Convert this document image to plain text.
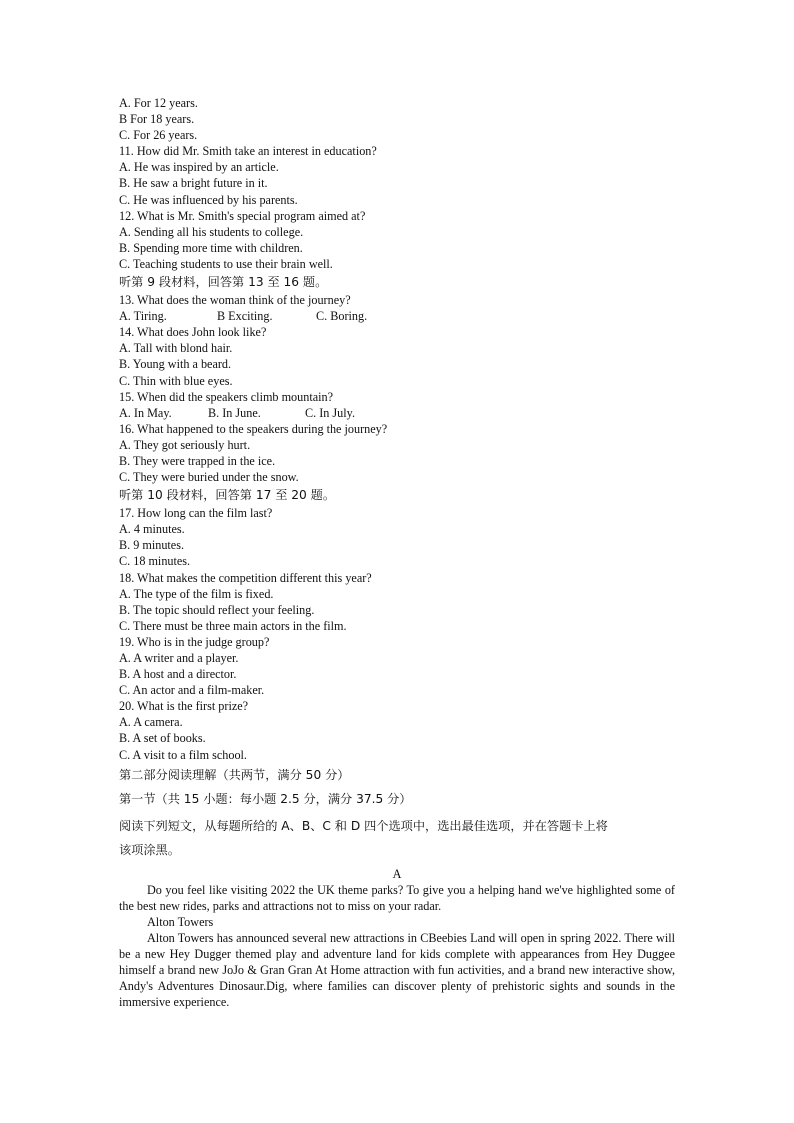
A. For 12 years.
B For 18 years.
C. For 26 years.
11. How did Mr. Smith take an interest in education?
A. He was inspired by an article.
B. He saw a bright future in it.
C. He was influenced by his parents.
12. What is Mr. Smith's special program aimed at?
A. Sending all his students to college.
B. Spending more time with children.
C. Teaching students to use their brain well.
听第 9 段材料，回答第 13 至 16 题。
13. What does the woman think of the journey?
A. Tiring.	B Exciting.	C. Boring.
14. What does John look like?
A. Tall with blond hair.
B. Young with a beard.
C. Thin with blue eyes.
15. When did the speakers climb mountain?
A. In May.	B. In June.	C. In July.
16. What happened to the speakers during the journey?
A. They got seriously hurt.
B. They were trapped in the ice.
C. They were buried under the snow.
听第 10 段材料，回答第 17 至 20 题。
17. How long can the film last?
A. 4 minutes.
B. 9 minutes.
C. 18 minutes.
18. What makes the competition different this year?
A. The type of the film is fixed.
B. The topic should reflect your feeling.
C. There must be three main actors in the film.
19. Who is in the judge group?
A. A writer and a player.
B. A host and a director.
C. An actor and a film-maker.
20. What is the first prize?
A. A camera.
B. A set of books.
C. A visit to a film school.
第二部分阅读理解（共两节，满分 50 分）
第一节（共 15 小题：每小题 2.5 分，满分 37.5 分）
阅读下列短文，从每题所给的 A、B、C 和 D 四个选项中，选出最佳选项，并在答题卡上将
该项涂黑。
A

Do you feel like visiting 2022 the UK theme parks? To give you a helping hand we've highlighted some of the best new rides, parks and attractions not to miss on your radar.

Alton Towers

Alton Towers has announced several new attractions in CBeebies Land will open in spring 2022. There will be a new Hey Dugger themed play and adventure land for kids complete with appearances from Hey Duggee himself a brand new JoJo & Gran Gran At Home attraction with fun activities, and a brand new interactive show, Andy's Adventures Dinosaur.Dig, where families can discover plenty of prehistoric sights and sounds in the immersive experience.
